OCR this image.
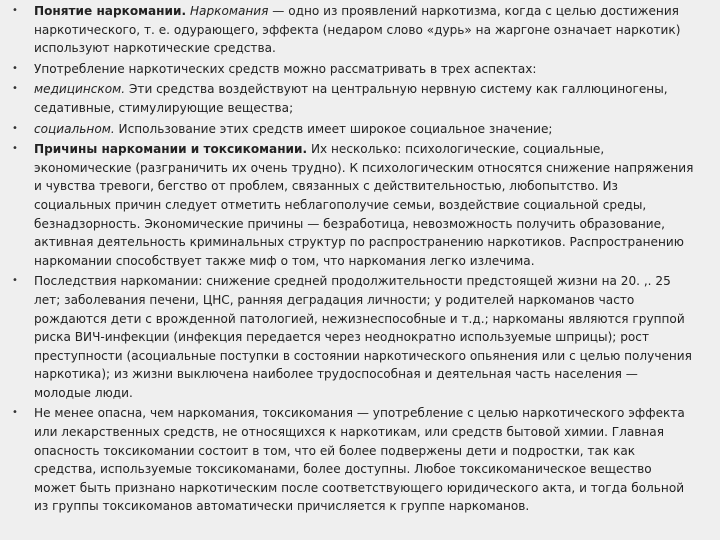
• Понятие наркомании. Наркомания — одно из проявлений наркотизма, когда с целью достижения наркотического, т. е. одурающего, эффекта (недаром слово «дурь» на жаргоне означает наркотик) используют наркотические средства.
• Употребление наркотических средств можно рассматривать в трех аспектах:
• медицинском. Эти средства воздействуют на центральную нервную систему как галлюциногены, седативные, стимулирующие вещества;
• социальном. Использование этих средств имеет широкое социальное значение;
• Причины наркомании и токсикомании. Их несколько: психологические, социальные, экономические (разграничить их очень трудно). К психологическим относятся снижение напряжения и чувства тревоги, бегство от проблем, связанных с действительностью, любопытство. Из социальных причин следует отметить неблагополучие семьи, воздействие социальной среды, безнадзорность. Экономические причины — безработица, невозможность получить образование, активная деятельность криминальных структур по распространению наркотиков. Распространению наркомании способствует также миф о том, что наркомания легко излечима.
• Последствия наркомании: снижение средней продолжительности предстоящей жизни на 20. ,. 25 лет; заболевания печени, ЦНС, ранняя деградация личности; у родителей наркоманов часто рождаются дети с врожденной патологией, нежизнеспособные и т.д.; наркоманы являются группой риска ВИЧ-инфекции (инфекция передается через неоднократно используемые шприцы); рост преступности (асоциальные поступки в состоянии наркотического опьянения или с целью получения наркотика); из жизни выключена наиболее трудоспособная и деятельная часть населения — молодые люди.
• Не менее опасна, чем наркомания, токсикомания — употребление с целью наркотического эффекта или лекарственных средств, не относящихся к наркотикам, или средств бытовой химии. Главная опасность токсикомании состоит в том, что ей более подвержены дети и подростки, так как средства, используемые токсикоманами, более доступны. Любое токсикоманическое вещество может быть признано наркотическим после соответствующего юридического акта, и тогда больной из группы токсикоманов автоматически причисляется к группе наркоманов.
